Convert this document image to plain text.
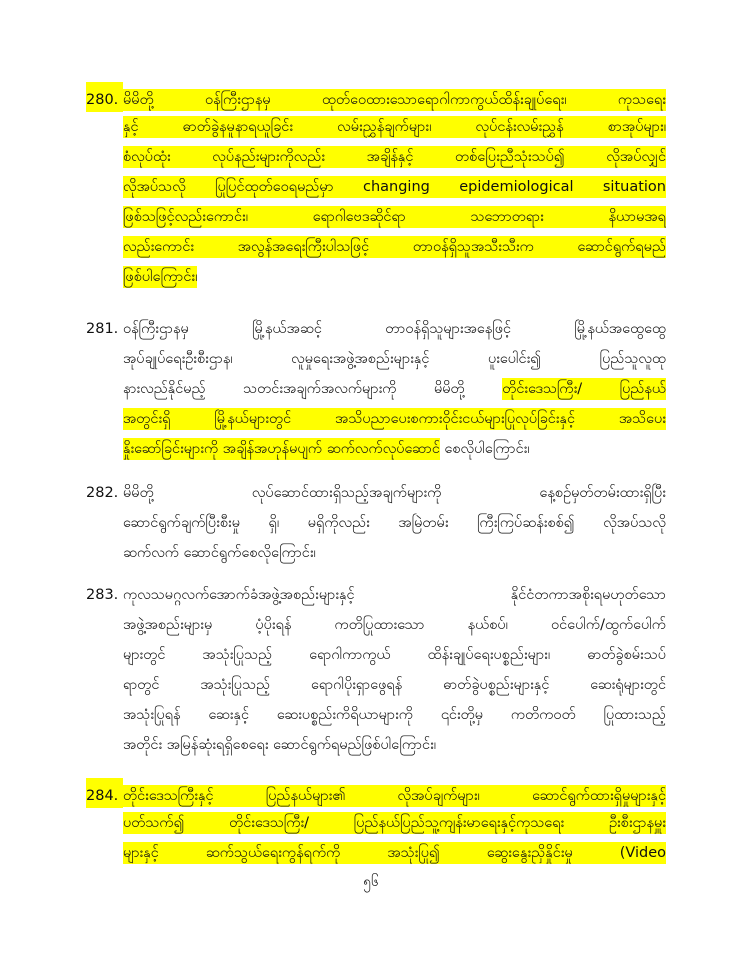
280. မိမိတို့ ဝန်ကြီးဌာနမှ ထုတ်ဝေထားသောရောဂါကာကွယ်ထိန်းချုပ်ရေး၊ ကုသရေး
နှင့် ဓာတ်ခွဲနမူနာရယူခြင်း လမ်းညွှန်ချက်များ၊ လုပ်ငန်းလမ်းညွှန် စာအုပ်များ၊
စံလုပ်ထုံး လုပ်နည်းများကိုလည်း အချိန်နှင့် တစ်ပြေးညီသုံးသပ်၍ လိုအပ်လျှင်
လိုအပ်သလို ပြုပြင်ထုတ်ဝေရမည်မှာ changing epidemiological situation
ဖြစ်သဖြင့်လည်းကောင်း၊ ရောဂါဗေဒဆိုင်ရာ သဘောတရား နိယာမအရ
လည်းကောင်း အလွန်အရေးကြီးပါသဖြင့် တာဝန်ရှိသူအသီးသီးက ဆောင်ရွက်ရမည်
ဖြစ်ပါကြောင်း၊
281. ဝန်ကြီးဌာနမှ မြို့နယ်အဆင့် တာဝန်ရှိသူများအနေဖြင့် မြို့နယ်အထွေထွေ
အုပ်ချုပ်ရေးဦးစီးဌာန၊ လူမှုရေးအဖွဲ့အစည်းများနှင့် ပူးပေါင်း၍ ပြည်သူလူထု
နားလည်နိုင်မည့် သတင်းအချက်အလက်များကို မိမိတို့ တိုင်းဒေသကြီး/ ပြည်နယ်
အတွင်းရှိ မြို့နယ်များတွင် အသိပညာပေးစကားဝိုင်းငယ်များပြုလုပ်ခြင်းနှင့် အသိပေး
နှိုးဆော်ခြင်းများကို အချိန်အဟုန်မပျက် ဆက်လက်လုပ်ဆောင် စေလိုပါကြောင်း၊
282. မိမိတို့ လုပ်ဆောင်ထားရှိသည့်အချက်များကို နေ့စဉ်မှတ်တမ်းထားရှိပြီး
ဆောင်ရွက်ချက်ပြီးစီးမှု ရှိ၊ မရှိကိုလည်း အမြဲတမ်း ကြီးကြပ်ဆန်းစစ်၍ လိုအပ်သလို
ဆက်လက် ဆောင်ရွက်စေလိုကြောင်း၊
283. ကုလသမဂ္ဂလက်အောက်ခံအဖွဲ့အစည်းများနှင့် နိုင်ငံတကာအစိုးရမဟုတ်သော
အဖွဲ့အစည်းများမှ ပံ့ပိုးရန် ကတိပြုထားသော နယ်စပ်၊ ဝင်ပေါက်/ထွက်ပေါက်
များတွင် အသုံးပြုသည့် ရောဂါကာကွယ် ထိန်းချုပ်ရေးပစ္စည်းများ၊ ဓာတ်ခွဲစမ်းသပ်
ရာတွင် အသုံးပြုသည့် ရောဂါပိုးရှာဖွေရန် ဓာတ်ခွဲပစ္စည်းများနှင့် ဆေးရုံများတွင်
အသုံးပြုရန် ဆေးနှင့် ဆေးပစ္စည်းကိရိယာများကို ၎င်းတို့မှ ကတိကဝတ် ပြုထားသည့်
အတိုင်း အမြန်ဆုံးရရှိစေရေး ဆောင်ရွက်ရမည်ဖြစ်ပါကြောင်း၊
284. တိုင်းဒေသကြီးနှင့် ပြည်နယ်များ၏ လိုအပ်ချက်များ၊ ဆောင်ရွက်ထားရှိမှုများနှင့်
ပတ်သက်၍ တိုင်းဒေသကြီး/ ပြည်နယ်ပြည်သူ့ကျန်းမာရေးနှင့်ကုသရေး ဦးစီးဌာနမှူး
များနှင့် ဆက်သွယ်ရေးကွန်ရက်ကို အသုံးပြု၍ ဆွေးနွေးညှိနှိုင်းမှု (Video
၅၆
